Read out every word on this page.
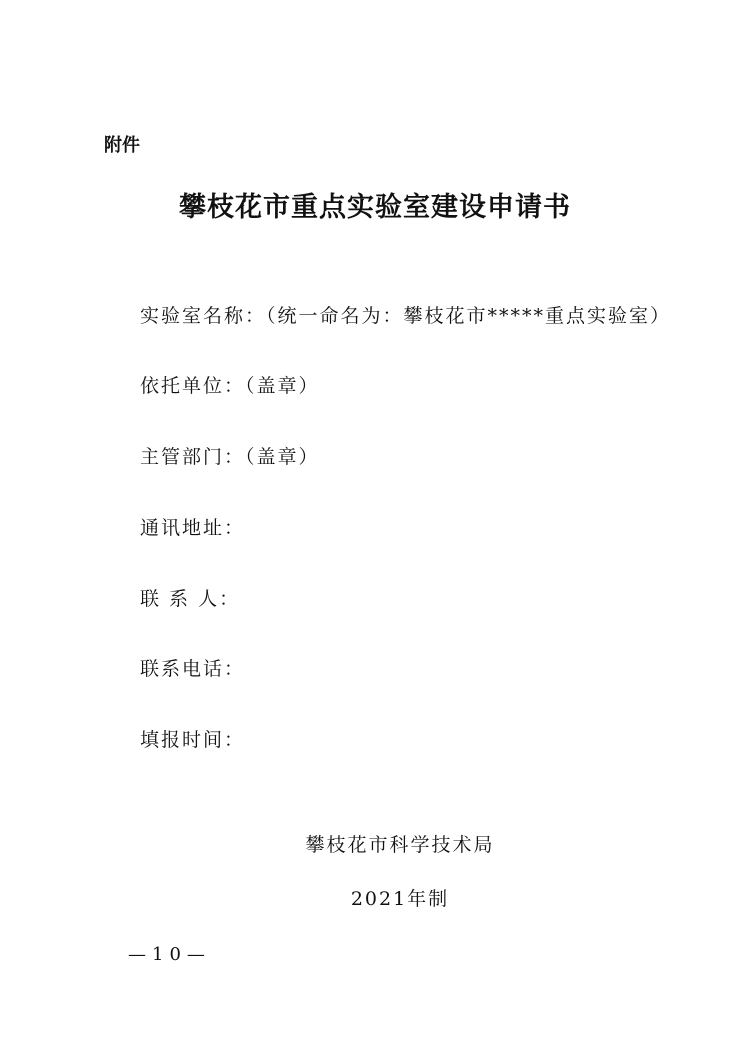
附件
攀枝花市重点实验室建设申请书
实验室名称：（统一命名为：攀枝花市*****重点实验室）
依托单位：（盖章）
主管部门：（盖章）
通讯地址：
联 系 人：
联系电话：
填报时间：
攀枝花市科学技术局
2021年制
—10—
